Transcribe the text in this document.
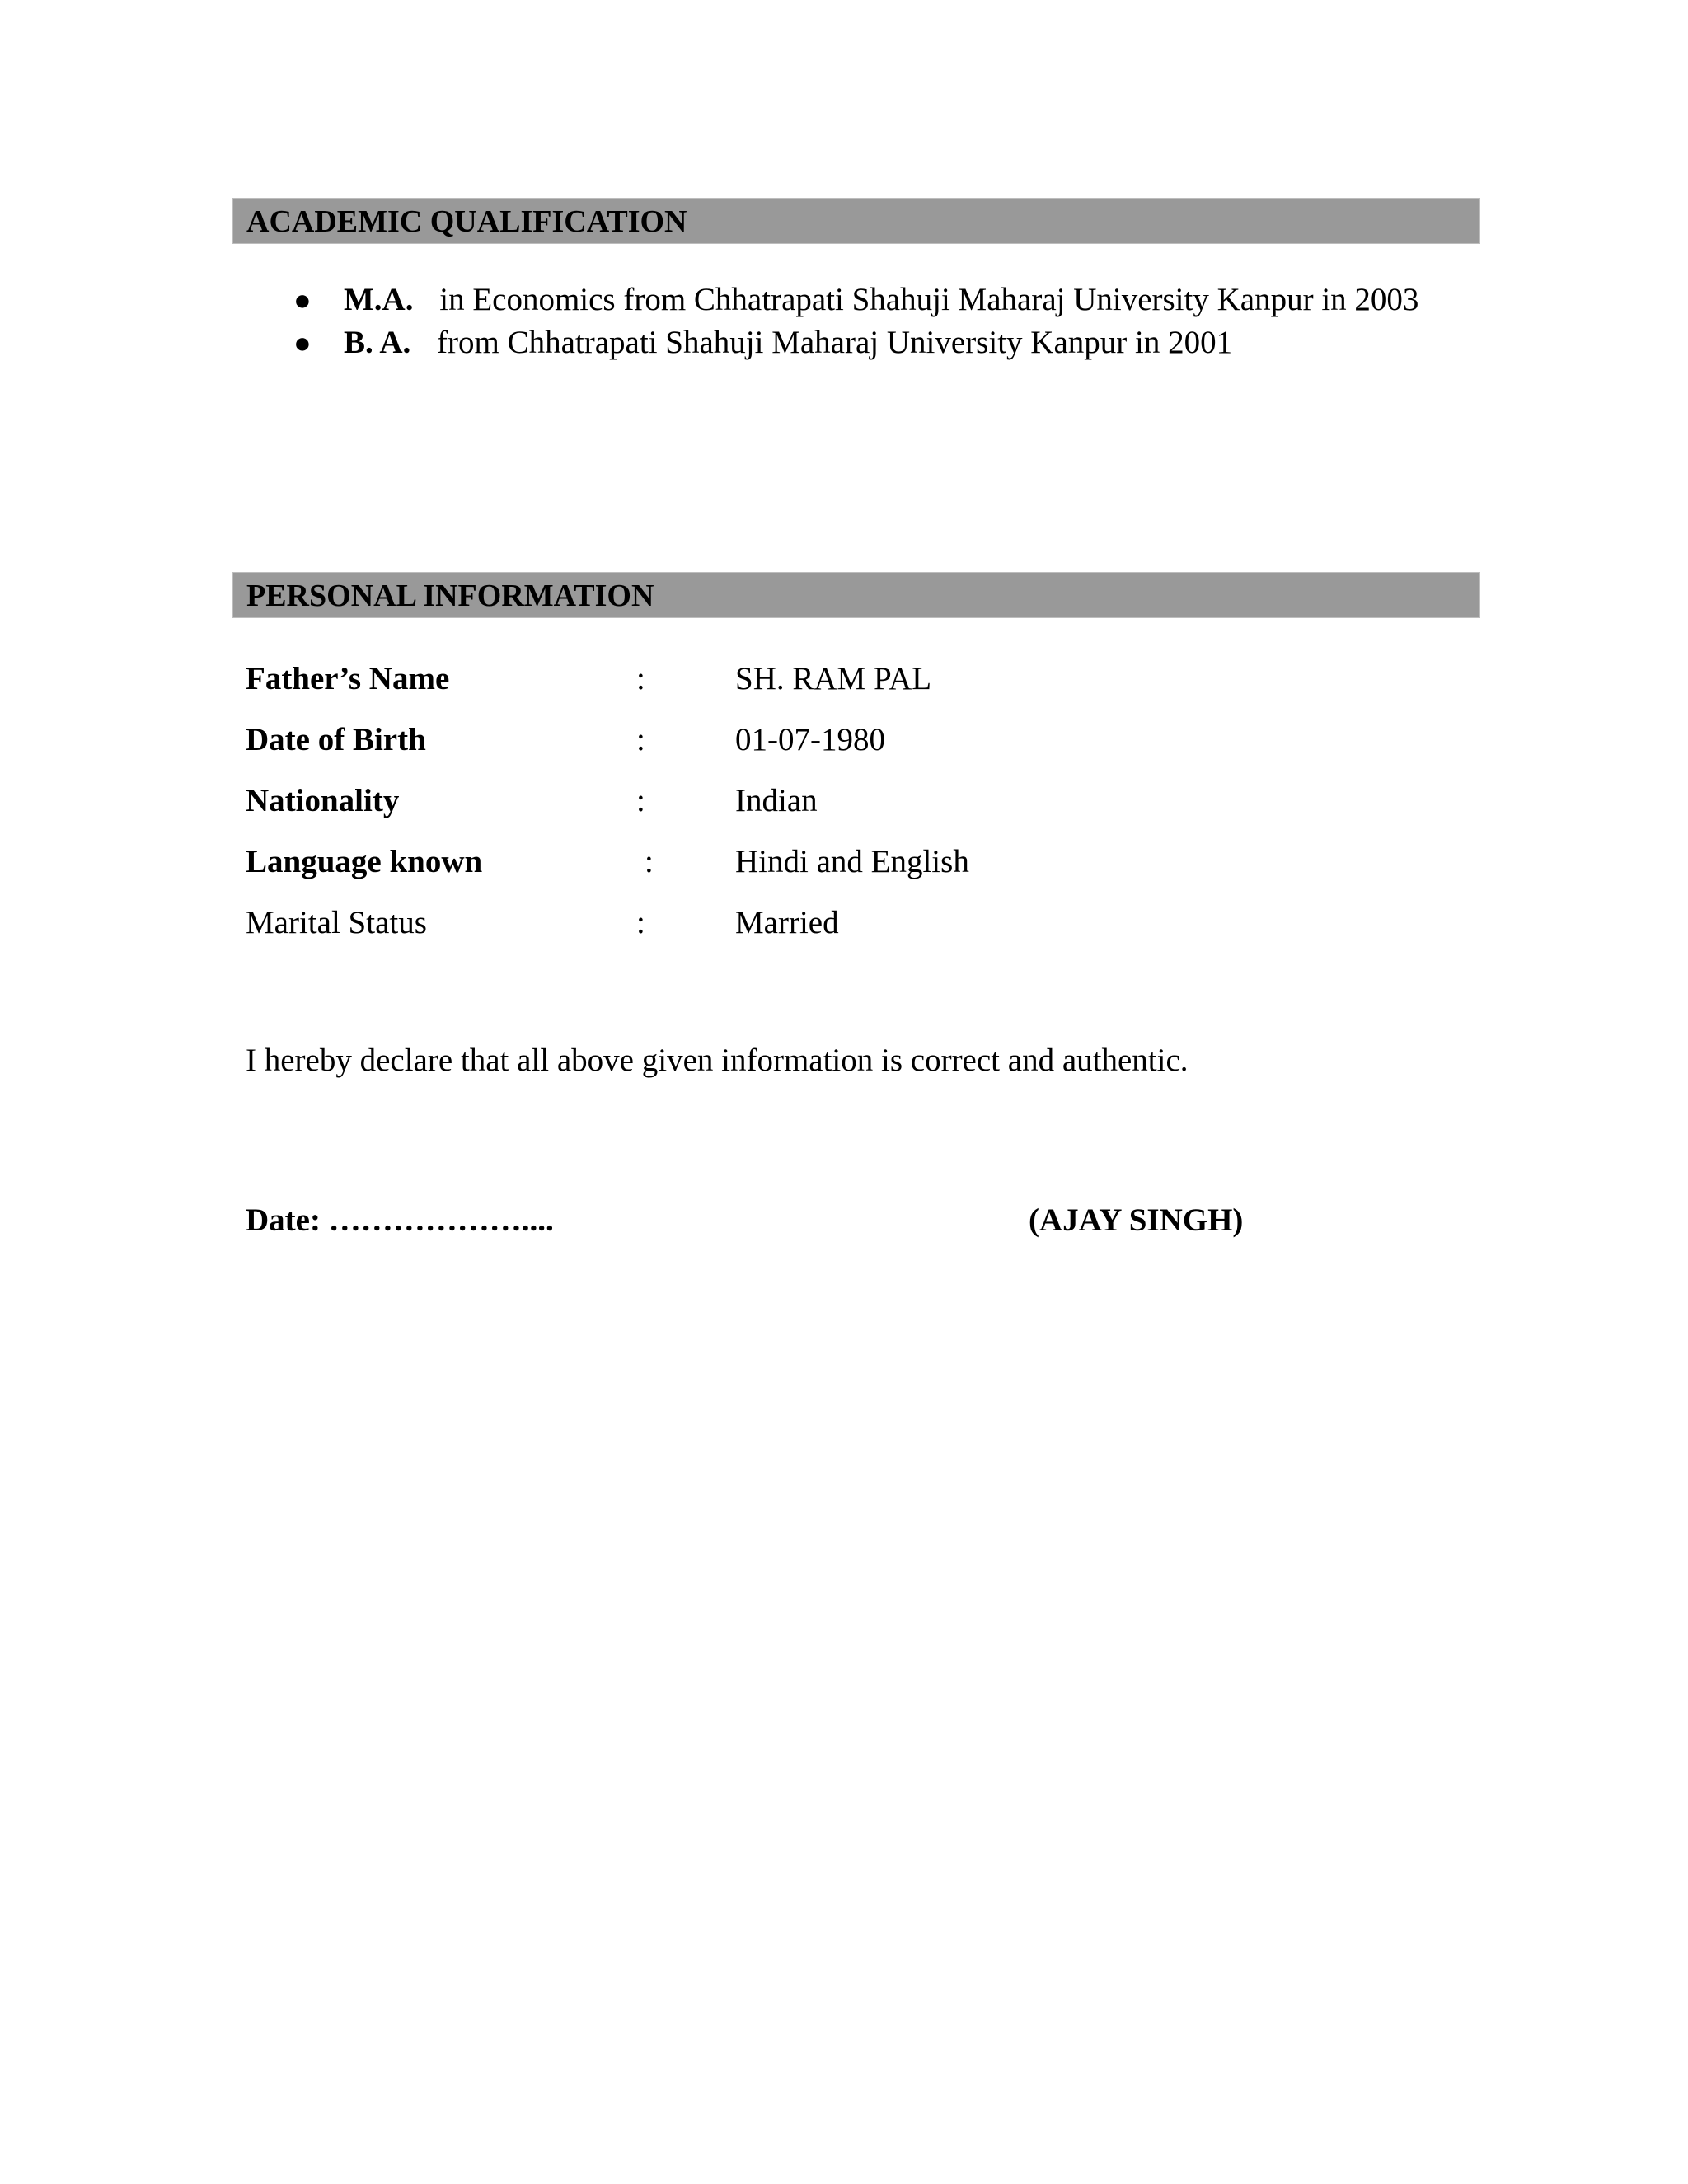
ACADEMIC QUALIFICATION
● M.A. in Economics from Chhatrapati Shahuji Maharaj University Kanpur in 2003
● B. A. from Chhatrapati Shahuji Maharaj University Kanpur in 2001
PERSONAL INFORMATION
Father’s Name	:	SH. RAM PAL
Date of Birth	:	01-07-1980
Nationality	:	Indian
Language known	:	Hindi and English
Marital Status	:	Married
I hereby declare that all above given information is correct and authentic.
Date: ………………....	(AJAY SINGH)
